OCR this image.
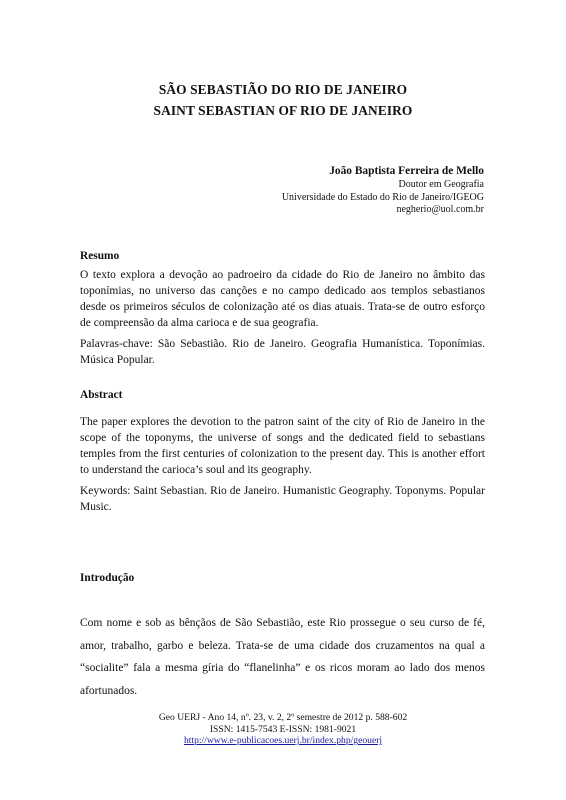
SÃO SEBASTIÃO DO RIO DE JANEIRO
SAINT SEBASTIAN OF RIO DE JANEIRO
João Baptista Ferreira de Mello
Doutor em Geografia
Universidade do Estado do Rio de Janeiro/IGEOG
negherio@uol.com.br
Resumo
O texto explora a devoção ao padroeiro da cidade do Rio de Janeiro no âmbito das toponímias, no universo das canções e no campo dedicado aos templos sebastianos desde os primeiros séculos de colonização até os dias atuais. Trata-se de outro esforço de compreensão da alma carioca e de sua geografia.
Palavras-chave: São Sebastião. Rio de Janeiro. Geografia Humanística. Toponímias. Música Popular.
Abstract
The paper explores the devotion to the patron saint of the city of Rio de Janeiro in the scope of the toponyms, the universe of songs and the dedicated field to sebastians temples from the first centuries of colonization to the present day. This is another effort to understand the carioca’s soul and its geography.
Keywords: Saint Sebastian. Rio de Janeiro. Humanistic Geography. Toponyms. Popular Music.
Introdução
Com nome e sob as bênçãos de São Sebastião, este Rio prossegue o seu curso de fé, amor, trabalho, garbo e beleza. Trata-se de uma cidade dos cruzamentos na qual a “socialite” fala a mesma gíria do “flanelinha” e os ricos moram ao lado dos menos afortunados.
Geo UERJ - Ano 14, nº. 23, v. 2, 2º semestre de 2012 p. 588-602
ISSN: 1415-7543 E-ISSN: 1981-9021
http://www.e-publicacoes.uerj.br/index.php/geouerj
